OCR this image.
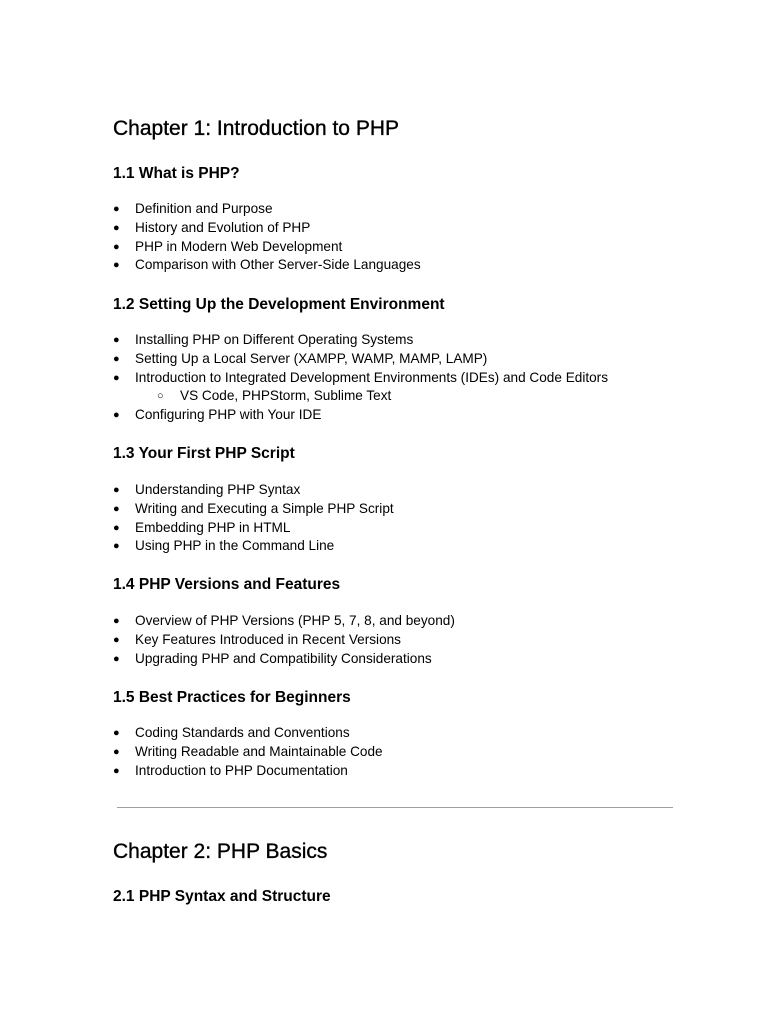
Chapter 1: Introduction to PHP
1.1 What is PHP?
●	Definition and Purpose
●	History and Evolution of PHP
●	PHP in Modern Web Development
●	Comparison with Other Server-Side Languages
1.2 Setting Up the Development Environment
●	Installing PHP on Different Operating Systems
●	Setting Up a Local Server (XAMPP, WAMP, MAMP, LAMP)
●	Introduction to Integrated Development Environments (IDEs) and Code Editors
○	VS Code, PHPStorm, Sublime Text
●	Configuring PHP with Your IDE
1.3 Your First PHP Script
●	Understanding PHP Syntax
●	Writing and Executing a Simple PHP Script
●	Embedding PHP in HTML
●	Using PHP in the Command Line
1.4 PHP Versions and Features
●	Overview of PHP Versions (PHP 5, 7, 8, and beyond)
●	Key Features Introduced in Recent Versions
●	Upgrading PHP and Compatibility Considerations
1.5 Best Practices for Beginners
●	Coding Standards and Conventions
●	Writing Readable and Maintainable Code
●	Introduction to PHP Documentation
Chapter 2: PHP Basics
2.1 PHP Syntax and Structure
